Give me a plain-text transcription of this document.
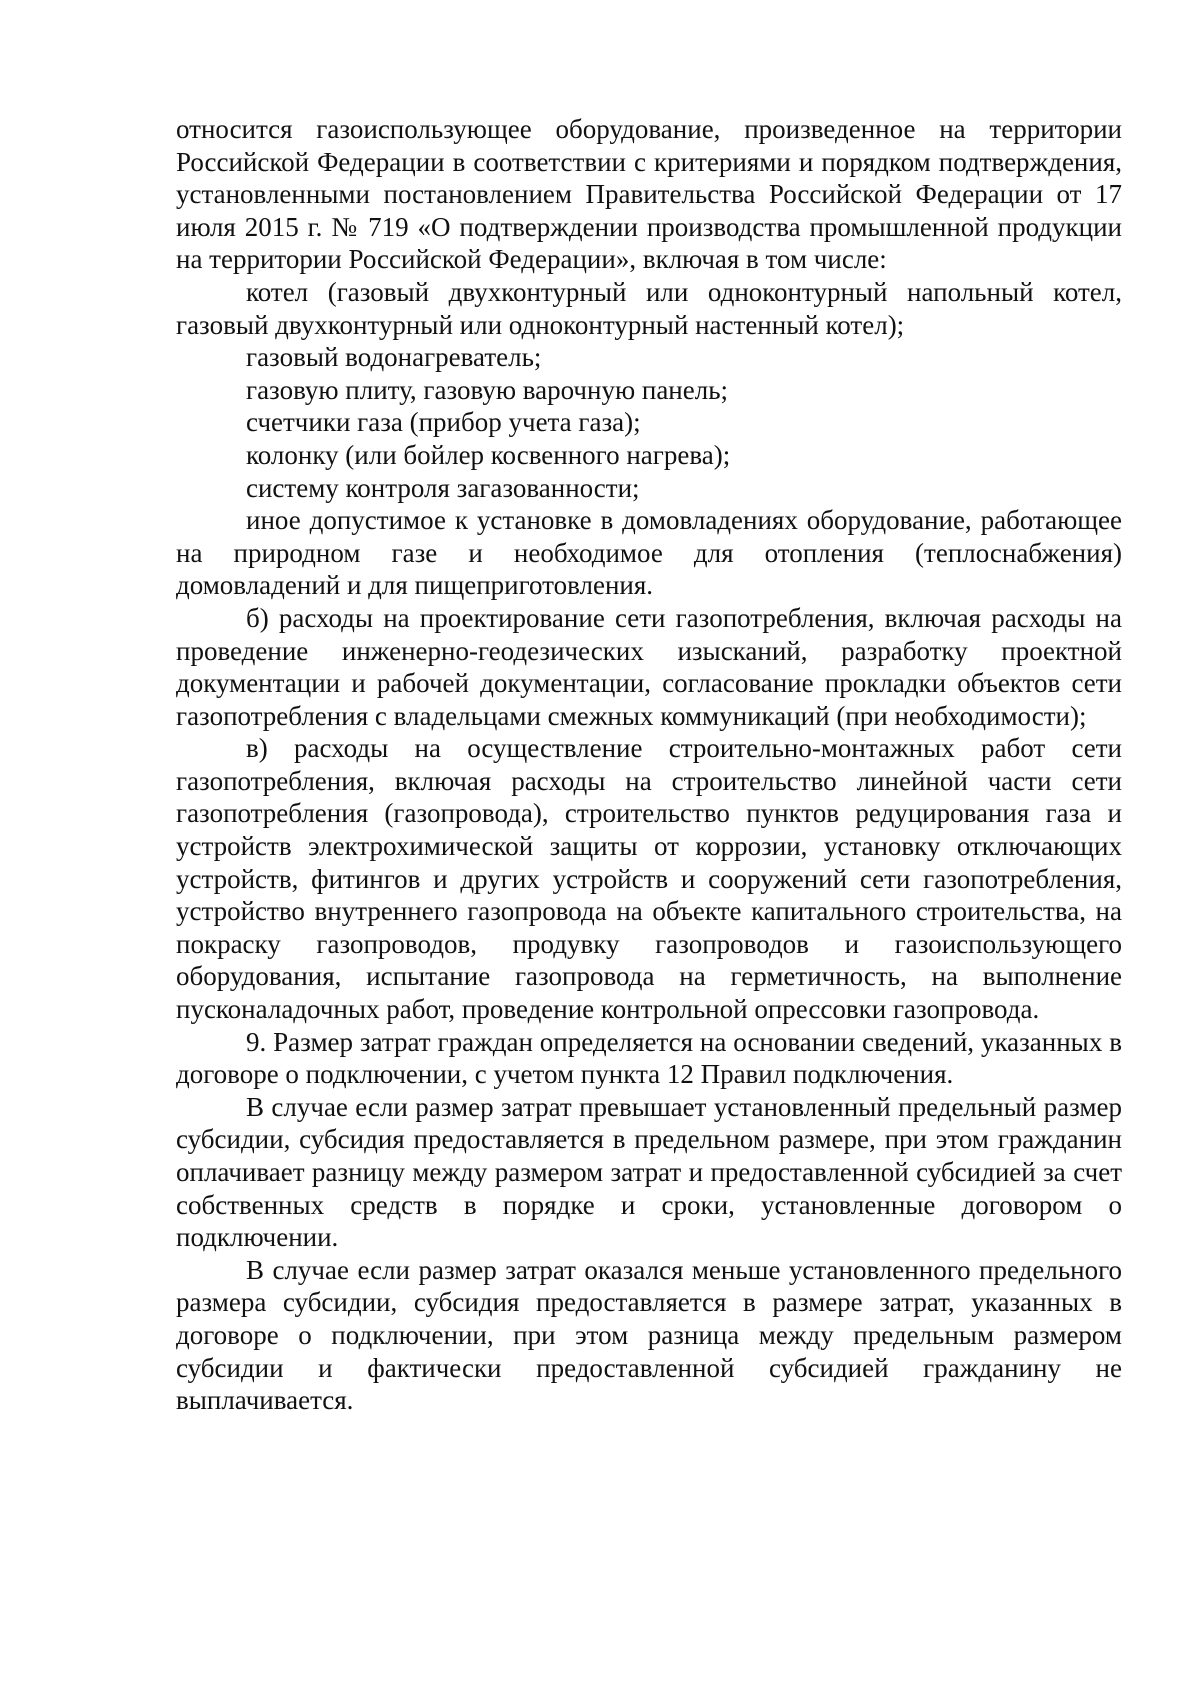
относится газоиспользующее оборудование, произведенное на территории Российской Федерации в соответствии с критериями и порядком подтверждения, установленными постановлением Правительства Российской Федерации от 17 июля 2015 г. № 719 «О подтверждении производства промышленной продукции на территории Российской Федерации», включая в том числе:

котел (газовый двухконтурный или одноконтурный напольный котел, газовый двухконтурный или одноконтурный настенный котел);

газовый водонагреватель;

газовую плиту, газовую варочную панель;

счетчики газа (прибор учета газа);

колонку (или бойлер косвенного нагрева);

систему контроля загазованности;

иное допустимое к установке в домовладениях оборудование, работающее на природном газе и необходимое для отопления (теплоснабжения) домовладений и для пищеприготовления.

б) расходы на проектирование сети газопотребления, включая расходы на проведение инженерно-геодезических изысканий, разработку проектной документации и рабочей документации, согласование прокладки объектов сети газопотребления с владельцами смежных коммуникаций (при необходимости);

в) расходы на осуществление строительно-монтажных работ сети газопотребления, включая расходы на строительство линейной части сети газопотребления (газопровода), строительство пунктов редуцирования газа и устройств электрохимической защиты от коррозии, установку отключающих устройств, фитингов и других устройств и сооружений сети газопотребления, устройство внутреннего газопровода на объекте капитального строительства, на покраску газопроводов, продувку газопроводов и газоиспользующего оборудования, испытание газопровода на герметичность, на выполнение пусконаладочных работ, проведение контрольной опрессовки газопровода.

9. Размер затрат граждан определяется на основании сведений, указанных в договоре о подключении, с учетом пункта 12 Правил подключения.

В случае если размер затрат превышает установленный предельный размер субсидии, субсидия предоставляется в предельном размере, при этом гражданин оплачивает разницу между размером затрат и предоставленной субсидией за счет собственных средств в порядке и сроки, установленные договором о подключении.

В случае если размер затрат оказался меньше установленного предельного размера субсидии, субсидия предоставляется в размере затрат, указанных в договоре о подключении, при этом разница между предельным размером субсидии и фактически предоставленной субсидией гражданину не выплачивается.
